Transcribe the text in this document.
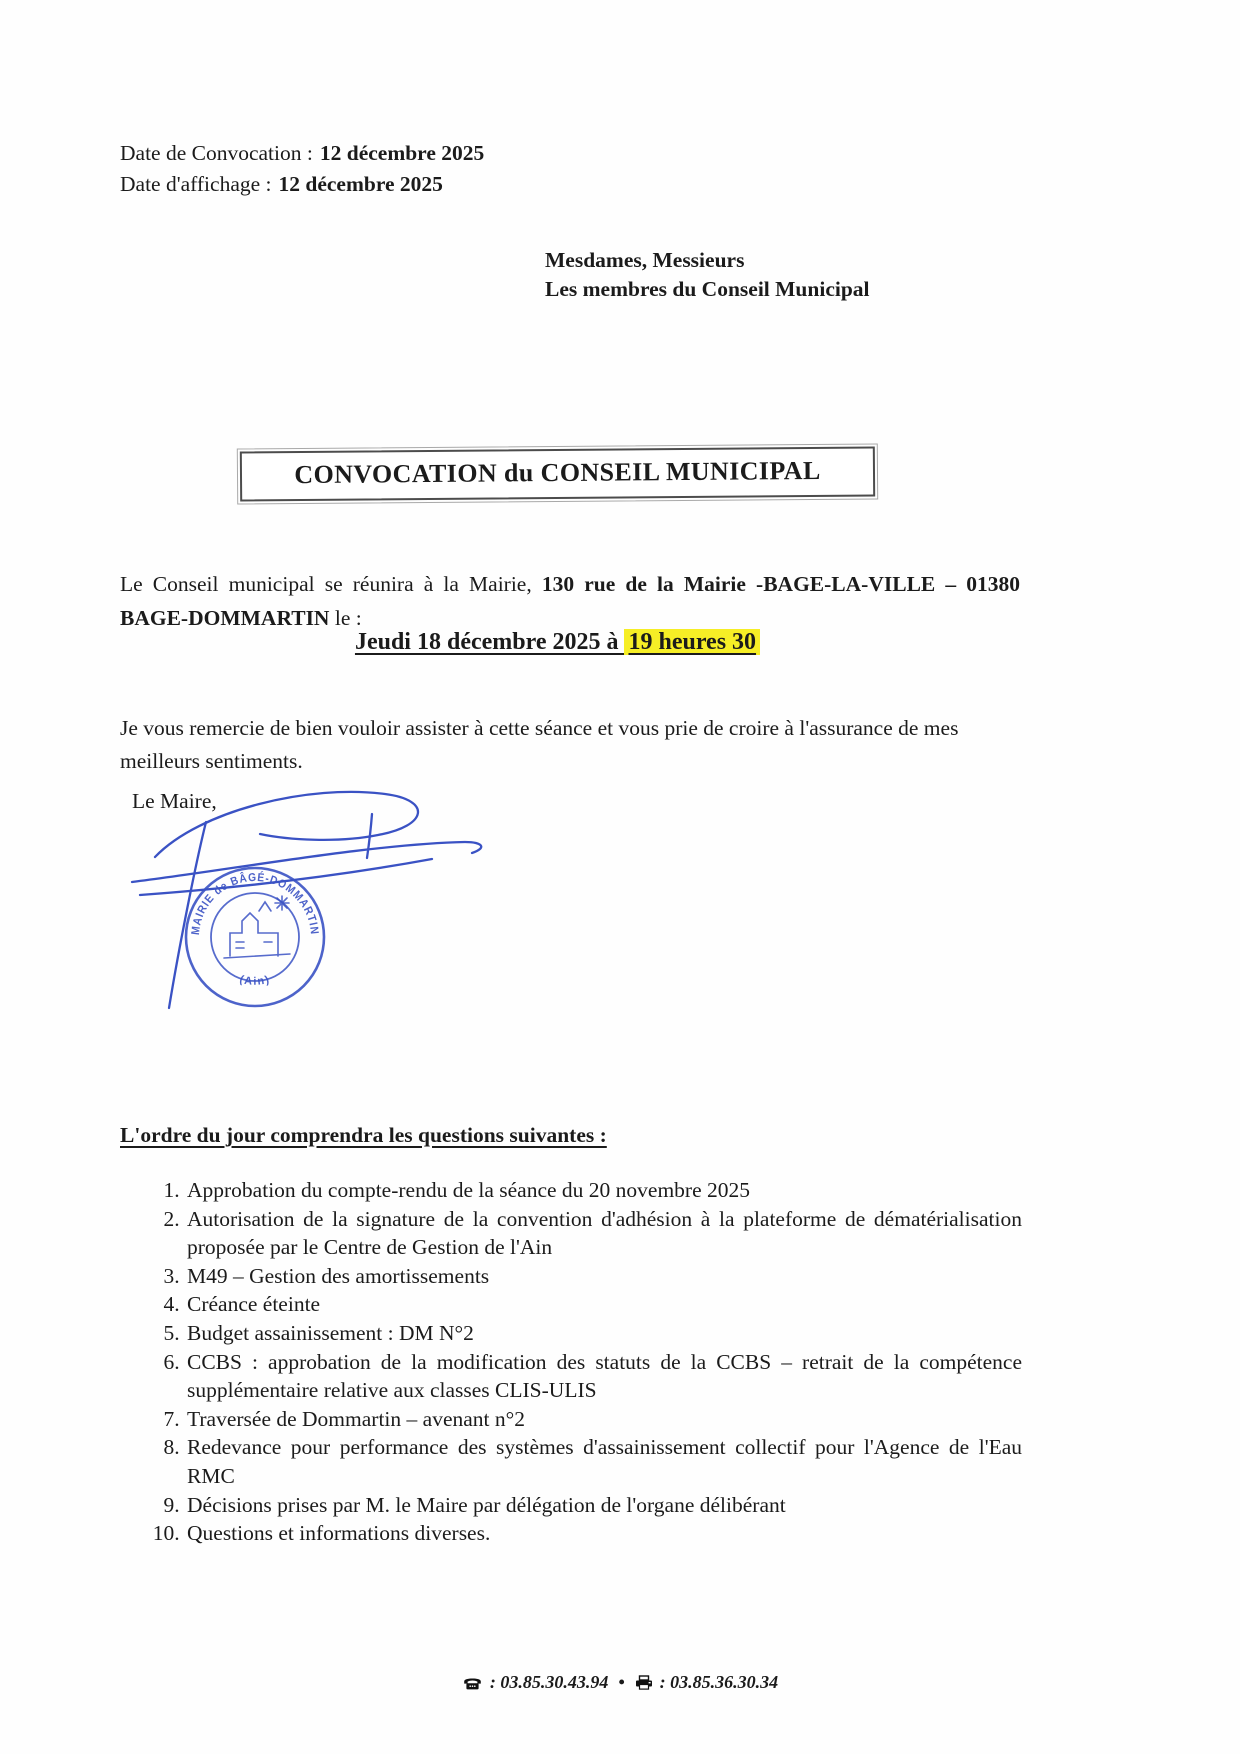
Date de Convocation : 12 décembre 2025
Date d'affichage : 12 décembre 2025
Mesdames, Messieurs
Les membres du Conseil Municipal
CONVOCATION du CONSEIL MUNICIPAL

Le Conseil municipal se réunira à la Mairie, 130 rue de la Mairie -BAGE-LA-VILLE – 01380 BAGE-DOMMARTIN le :

Jeudi 18 décembre 2025 à 19 heures 30

Je vous remercie de bien vouloir assister à cette séance et vous prie de croire à l'assurance de mes meilleurs sentiments.

Le Maire,
MAIRIE de BÂGÉ-DOMMARTIN
(Ain)
L'ordre du jour comprendra les questions suivantes :
1. Approbation du compte-rendu de la séance du 20 novembre 2025
2. Autorisation de la signature de la convention d'adhésion à la plateforme de dématérialisation proposée par le Centre de Gestion de l'Ain
3. M49 – Gestion des amortissements
4. Créance éteinte
5. Budget assainissement : DM N°2
6. CCBS : approbation de la modification des statuts de la CCBS – retrait de la compétence supplémentaire relative aux classes CLIS-ULIS
7. Traversée de Dommartin – avenant n°2
8. Redevance pour performance des systèmes d'assainissement collectif pour l'Agence de l'Eau RMC
9. Décisions prises par M. le Maire par délégation de l'organe délibérant
10. Questions et informations diverses.
: 03.85.30.43.94 • : 03.85.36.30.34
